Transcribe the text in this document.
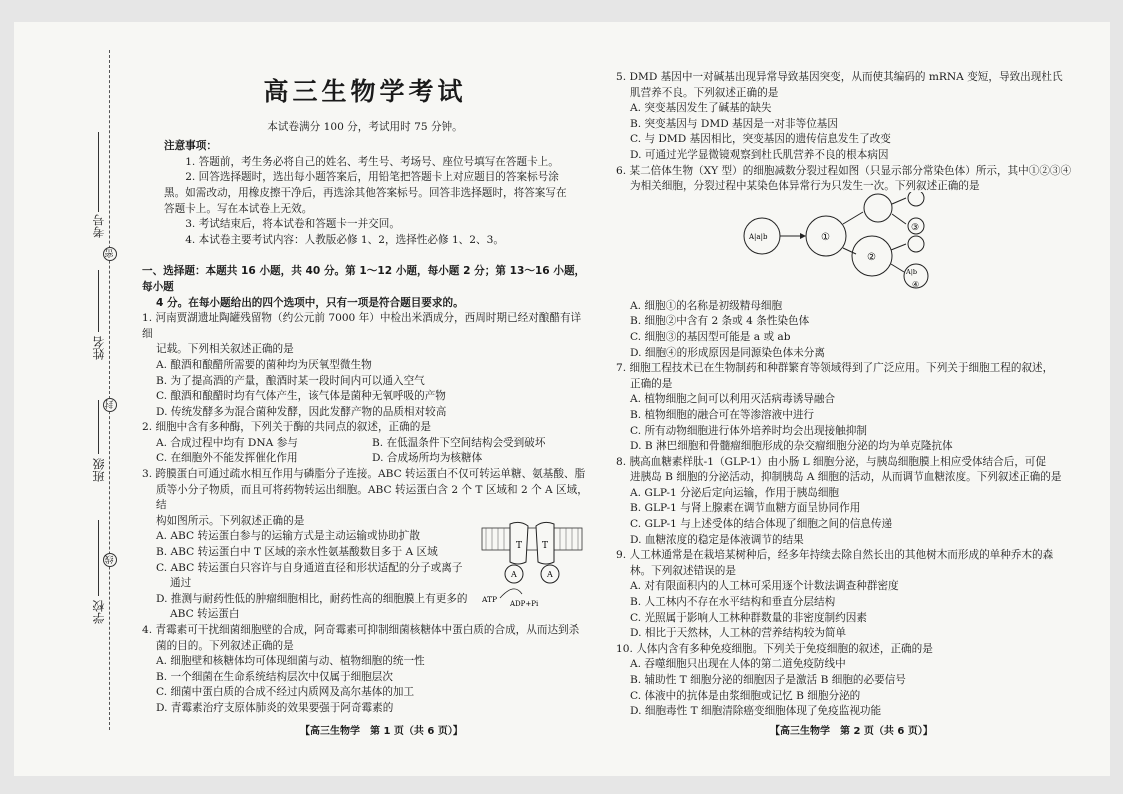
考号
密
姓名
封
班级
线
学校
高三生物学考试
本试卷满分 100 分，考试用时 75 分钟。
注意事项：

1. 答题前，考生务必将自己的姓名、考生号、考场号、座位号填写在答题卡上。

2. 回答选择题时，选出每小题答案后，用铅笔把答题卡上对应题目的答案标号涂

黑。如需改动，用橡皮擦干净后，再选涂其他答案标号。回答非选择题时，将答案写在

答题卡上。写在本试卷上无效。

3. 考试结束后，将本试卷和答题卡一并交回。

4. 本试卷主要考试内容：人教版必修 1、2，选择性必修 1、2、3。

一、选择题：本题共 16 小题，共 40 分。第 1～12 小题，每小题 2 分；第 13～16 小题，每小题

4 分。在每小题给出的四个选项中，只有一项是符合题目要求的。

1. 河南贾湖遗址陶罐残留物（约公元前 7000 年）中检出米酒成分，西周时期已经对酿醋有详细

记载。下列相关叙述正确的是

A. 酿酒和酿醋所需要的菌种均为厌氧型微生物

B. 为了提高酒的产量，酿酒时某一段时间内可以通入空气

C. 酿酒和酿醋时均有气体产生，该气体是菌种无氧呼吸的产物

D. 传统发酵多为混合菌种发酵，因此发酵产物的品质相对较高

2. 细胞中含有多种酶，下列关于酶的共同点的叙述，正确的是

A. 合成过程中均有 DNA 参与	B. 在低温条件下空间结构会受到破坏
C. 在细胞外不能发挥催化作用	D. 合成场所均为核糖体

3. 跨膜蛋白可通过疏水相互作用与磷脂分子连接。ABC 转运蛋白不仅可转运单糖、氨基酸、脂

质等小分子物质，而且可将药物转运出细胞。ABC 转运蛋白含 2 个 T 区域和 2 个 A 区域，结

构如图所示。下列叙述正确的是

A. ABC 转运蛋白参与的运输方式是主动运输或协助扩散

B. ABC 转运蛋白中 T 区域的亲水性氨基酸数目多于 A 区域

C. ABC 转运蛋白只容许与自身通道直径和形状适配的分子或离子

通过

D. 推测与耐药性低的肿瘤细胞相比，耐药性高的细胞膜上有更多的

ABC 转运蛋白

4. 青霉素可干扰细菌细胞壁的合成，阿奇霉素可抑制细菌核糖体中蛋白质的合成，从而达到杀

菌的目的。下列叙述正确的是

A. 细胞壁和核糖体均可体现细菌与动、植物细胞的统一性

B. 一个细菌在生命系统结构层次中仅属于细胞层次

C. 细菌中蛋白质的合成不经过内质网及高尔基体的加工

D. 青霉素治疗支原体肺炎的效果要强于阿奇霉素的

T T
A	A
ATP ADP+Pi

5. DMD 基因中一对碱基出现异常导致基因突变，从而使其编码的 mRNA 变短，导致出现杜氏

肌营养不良。下列叙述正确的是

A. 突变基因发生了碱基的缺失

B. 突变基因与 DMD 基因是一对非等位基因

C. 与 DMD 基因相比，突变基因的遗传信息发生了改变

D. 可通过光学显微镜观察到杜氏肌营养不良的根本病因

6. 某二倍体生物（XY 型）的细胞减数分裂过程如图（只显示部分常染色体）所示，其中①②③④

为相关细胞，分裂过程中某染色体异常行为只发生一次。下列叙述正确的是

A. 细胞①的名称是初级精母细胞

B. 细胞②中含有 2 条或 4 条性染色体

C. 细胞③的基因型可能是 a 或 ab

D. 细胞④的形成原因是同源染色体未分离

7. 细胞工程技术已在生物制药和种群繁育等领域得到了广泛应用。下列关于细胞工程的叙述，

正确的是

A. 植物细胞之间可以利用灭活病毒诱导融合

B. 植物细胞的融合可在等渗溶液中进行

C. 所有动物细胞进行体外培养时均会出现接触抑制

D. B 淋巴细胞和骨髓瘤细胞形成的杂交瘤细胞分泌的均为单克隆抗体

8. 胰高血糖素样肽-1（GLP-1）由小肠 L 细胞分泌，与胰岛细胞膜上相应受体结合后，可促

进胰岛 B 细胞的分泌活动，抑制胰岛 A 细胞的活动，从而调节血糖浓度。下列叙述正确的是

A. GLP-1 分泌后定向运输，作用于胰岛细胞

B. GLP-1 与肾上腺素在调节血糖方面呈协同作用

C. GLP-1 与上述受体的结合体现了细胞之间的信息传递

D. 血糖浓度的稳定是体液调节的结果

9. 人工林通常是在栽培某树种后，经多年持续去除自然长出的其他树木而形成的单种乔木的森

林。下列叙述错误的是

A. 对有限面积内的人工林可采用逐个计数法调查种群密度

B. 人工林内不存在水平结构和垂直分层结构

C. 光照属于影响人工林种群数量的非密度制约因素

D. 相比于天然林，人工林的营养结构较为简单

10. 人体内含有多种免疫细胞。下列关于免疫细胞的叙述，正确的是

A. 吞噬细胞只出现在人体的第二道免疫防线中

B. 辅助性 T 细胞分泌的细胞因子是激活 B 细胞的必要信号

C. 体液中的抗体是由浆细胞或记忆 B 细胞分泌的

D. 细胞毒性 T 细胞清除癌变细胞体现了免疫监视功能

A|a|b	①
②
③
A|b
④
【高三生物学　第 1 页（共 6 页）】	【高三生物学　第 2 页（共 6 页）】
